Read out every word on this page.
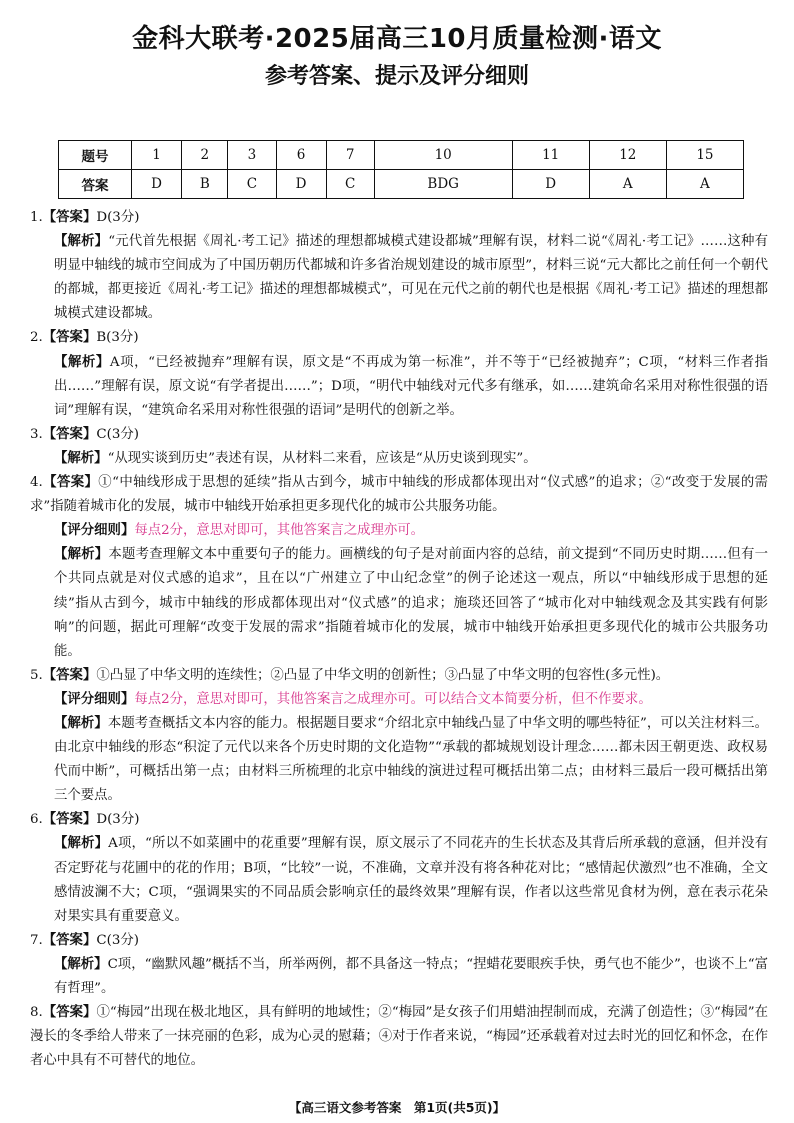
金科大联考·2025届高三10月质量检测·语文
参考答案、提示及评分细则
题号	1	2	3	6	7	10	11	12	15
答案	D	B	C	D	C	BDG	D	A	A

1.【答案】D(3分)

【解析】“元代首先根据《周礼·考工记》描述的理想都城模式建设都城”理解有误，材料二说“《周礼·考工记》……这种有明显中轴线的城市空间成为了中国历朝历代都城和许多省治规划建设的城市原型”，材料三说“元大都比之前任何一个朝代的都城，都更接近《周礼·考工记》描述的理想都城模式”，可见在元代之前的朝代也是根据《周礼·考工记》描述的理想都城模式建设都城。

2.【答案】B(3分)

【解析】A项，“已经被抛弃”理解有误，原文是“不再成为第一标准”，并不等于“已经被抛弃”；C项，“材料三作者指出……”理解有误，原文说“有学者提出……”；D项，“明代中轴线对元代多有继承，如……建筑命名采用对称性很强的语词”理解有误，“建筑命名采用对称性很强的语词”是明代的创新之举。

3.【答案】C(3分)

【解析】“从现实谈到历史”表述有误，从材料二来看，应该是“从历史谈到现实”。

4.【答案】①“中轴线形成于思想的延续”指从古到今，城市中轴线的形成都体现出对“仪式感”的追求；②“改变于发展的需求”指随着城市化的发展，城市中轴线开始承担更多现代化的城市公共服务功能。

【评分细则】每点2分，意思对即可，其他答案言之成理亦可。

【解析】本题考查理解文本中重要句子的能力。画横线的句子是对前面内容的总结，前文提到“不同历史时期……但有一个共同点就是对仪式感的追求”，且在以“广州建立了中山纪念堂”的例子论述这一观点，所以“中轴线形成于思想的延续”指从古到今，城市中轴线的形成都体现出对“仪式感”的追求；施琰还回答了“城市化对中轴线观念及其实践有何影响”的问题，据此可理解“改变于发展的需求”指随着城市化的发展，城市中轴线开始承担更多现代化的城市公共服务功能。

5.【答案】①凸显了中华文明的连续性；②凸显了中华文明的创新性；③凸显了中华文明的包容性(多元性)。

【评分细则】每点2分，意思对即可，其他答案言之成理亦可。可以结合文本简要分析，但不作要求。

【解析】本题考查概括文本内容的能力。根据题目要求“介绍北京中轴线凸显了中华文明的哪些特征”，可以关注材料三。由北京中轴线的形态“积淀了元代以来各个历史时期的文化造物”“承载的都城规划设计理念……都未因王朝更迭、政权易代而中断”，可概括出第一点；由材料三所梳理的北京中轴线的演进过程可概括出第二点；由材料三最后一段可概括出第三个要点。

6.【答案】D(3分)

【解析】A项，“所以不如菜圃中的花重要”理解有误，原文展示了不同花卉的生长状态及其背后所承载的意涵，但并没有否定野花与花圃中的花的作用；B项，“比较”一说，不准确，文章并没有将各种花对比；“感情起伏激烈”也不准确，全文感情波澜不大；C项，“强调果实的不同品质会影响京任的最终效果”理解有误，作者以这些常见食材为例，意在表示花朵对果实具有重要意义。

7.【答案】C(3分)

【解析】C项，“幽默风趣”概括不当，所举两例，都不具备这一特点；“捏蜡花要眼疾手快，勇气也不能少”，也谈不上“富有哲理”。

8.【答案】①“梅园”出现在极北地区，具有鲜明的地域性；②“梅园”是女孩子们用蜡油捏制而成，充满了创造性；③“梅园”在漫长的冬季给人带来了一抹亮丽的色彩，成为心灵的慰藉；④对于作者来说，“梅园”还承载着对过去时光的回忆和怀念，在作者心中具有不可替代的地位。

【高三语文参考答案　第1页(共5页)】
